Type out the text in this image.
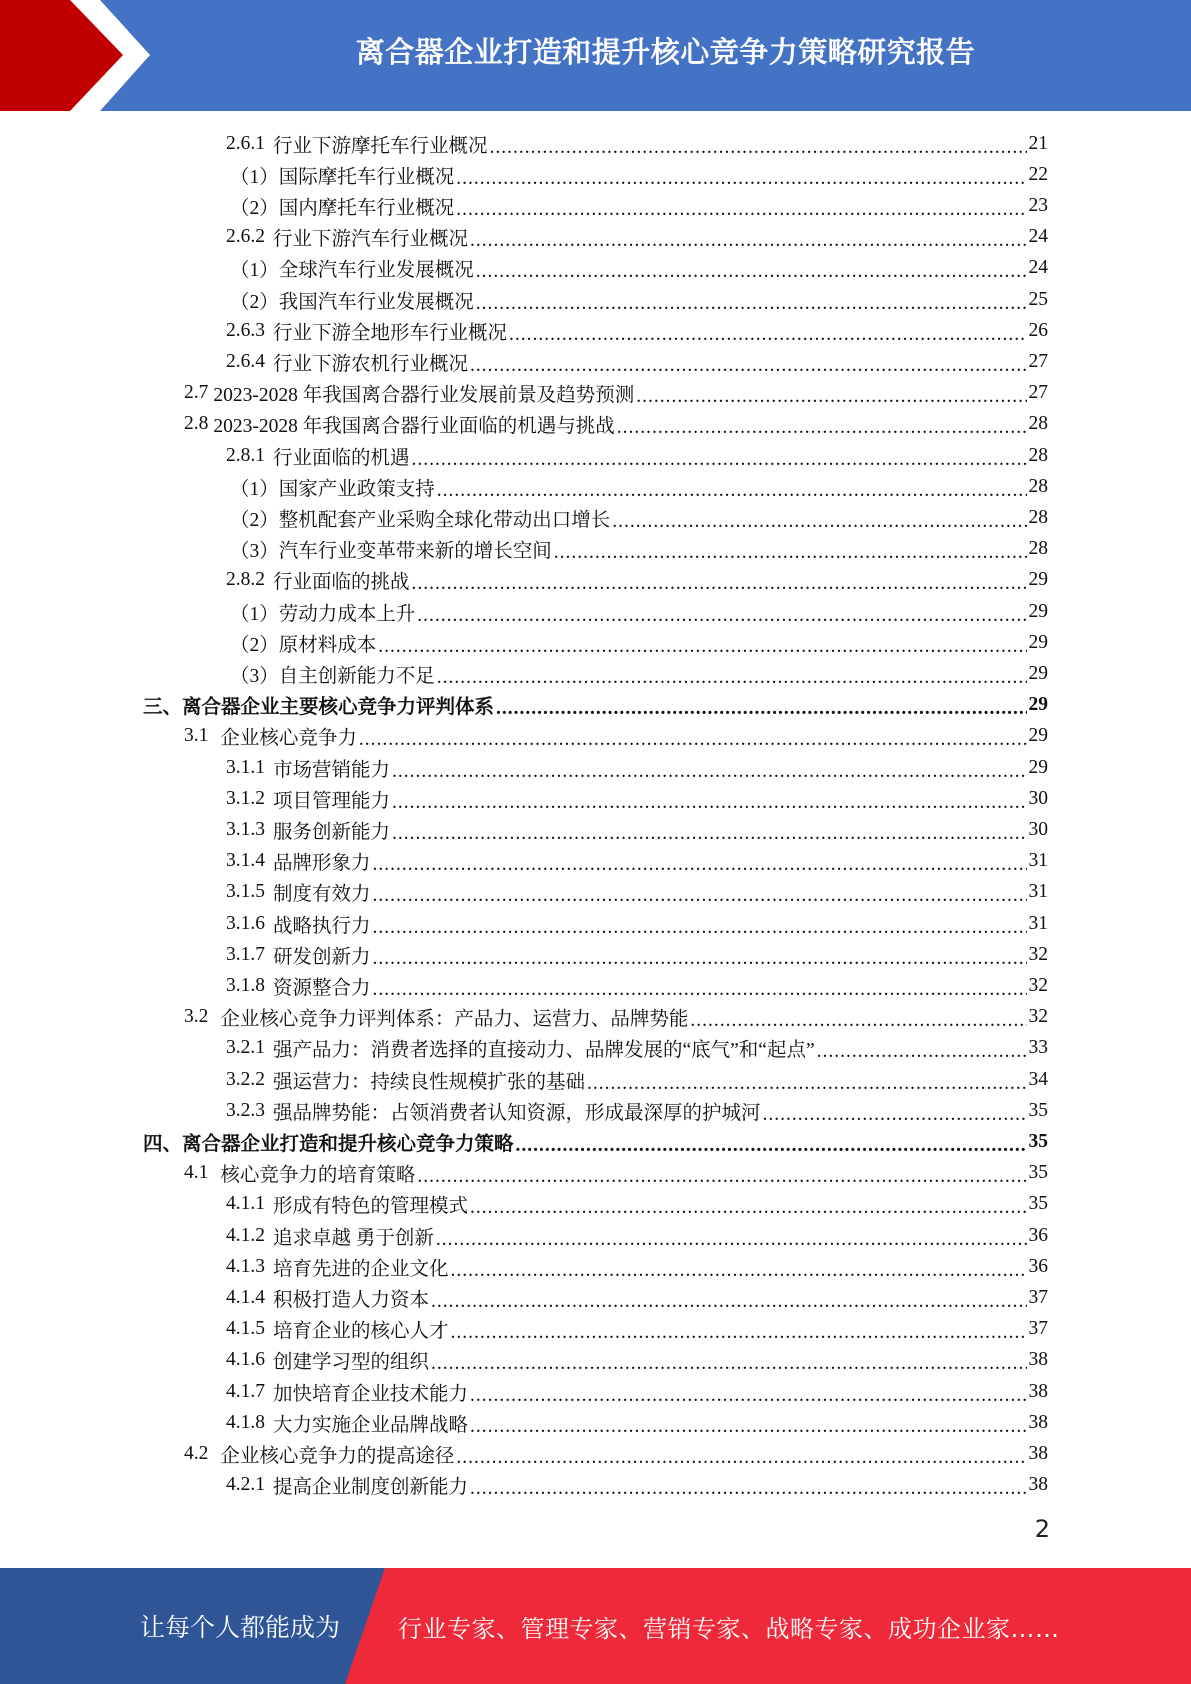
离合器企业打造和提升核心竞争力策略研究报告
2.6.1 行业下游摩托车行业概况 .....	21
（1） 国际摩托车行业概况 .....	22
（2） 国内摩托车行业概况 .....	23
2.6.2 行业下游汽车行业概况 .....	24
（1） 全球汽车行业发展概况 .....	24
（2） 我国汽车行业发展概况 .....	25
2.6.3 行业下游全地形车行业概况 .....	26
2.6.4 行业下游农机行业概况 .....	27
2.7 2023-2028 年我国离合器行业发展前景及趋势预测 .....	27
2.8 2023-2028 年我国离合器行业面临的机遇与挑战 .....	28
2.8.1 行业面临的机遇 .....	28
（1） 国家产业政策支持 .....	28
（2） 整机配套产业采购全球化带动出口增长 .....	28
（3） 汽车行业变革带来新的增长空间 .....	28
2.8.2 行业面临的挑战 .....	29
（1） 劳动力成本上升 .....	29
（2） 原材料成本 .....	29
（3） 自主创新能力不足 .....	29
三、 离合器企业主要核心竞争力评判体系 .....	29
3.1 企业核心竞争力 .....	29
3.1.1 市场营销能力 .....	29
3.1.2 项目管理能力 .....	30
3.1.3 服务创新能力 .....	30
3.1.4 品牌形象力 .....	31
3.1.5 制度有效力 .....	31
3.1.6 战略执行力 .....	31
3.1.7 研发创新力 .....	32
3.1.8 资源整合力 .....	32
3.2 企业核心竞争力评判体系：产品力、运营力、品牌势能 .....	32
3.2.1 强产品力：消费者选择的直接动力、品牌发展的“底气”和“起点” .....	33
3.2.2 强运营力：持续良性规模扩张的基础 .....	34
3.2.3 强品牌势能：占领消费者认知资源，形成最深厚的护城河 .....	35
四、 离合器企业打造和提升核心竞争力策略 .....	35
4.1 核心竞争力的培育策略 .....	35
4.1.1 形成有特色的管理模式 .....	35
4.1.2 追求卓越 勇于创新 .....	36
4.1.3 培育先进的企业文化 .....	36
4.1.4 积极打造人力资本 .....	37
4.1.5 培育企业的核心人才 .....	37
4.1.6 创建学习型的组织 .....	38
4.1.7 加快培育企业技术能力 .....	38
4.1.8 大力实施企业品牌战略 .....	38
4.2 企业核心竞争力的提高途径 .....	38
4.2.1 提高企业制度创新能力 .....	38
2
让每个人都能成为	行业专家、管理专家、营销专家、战略专家、成功企业家……
